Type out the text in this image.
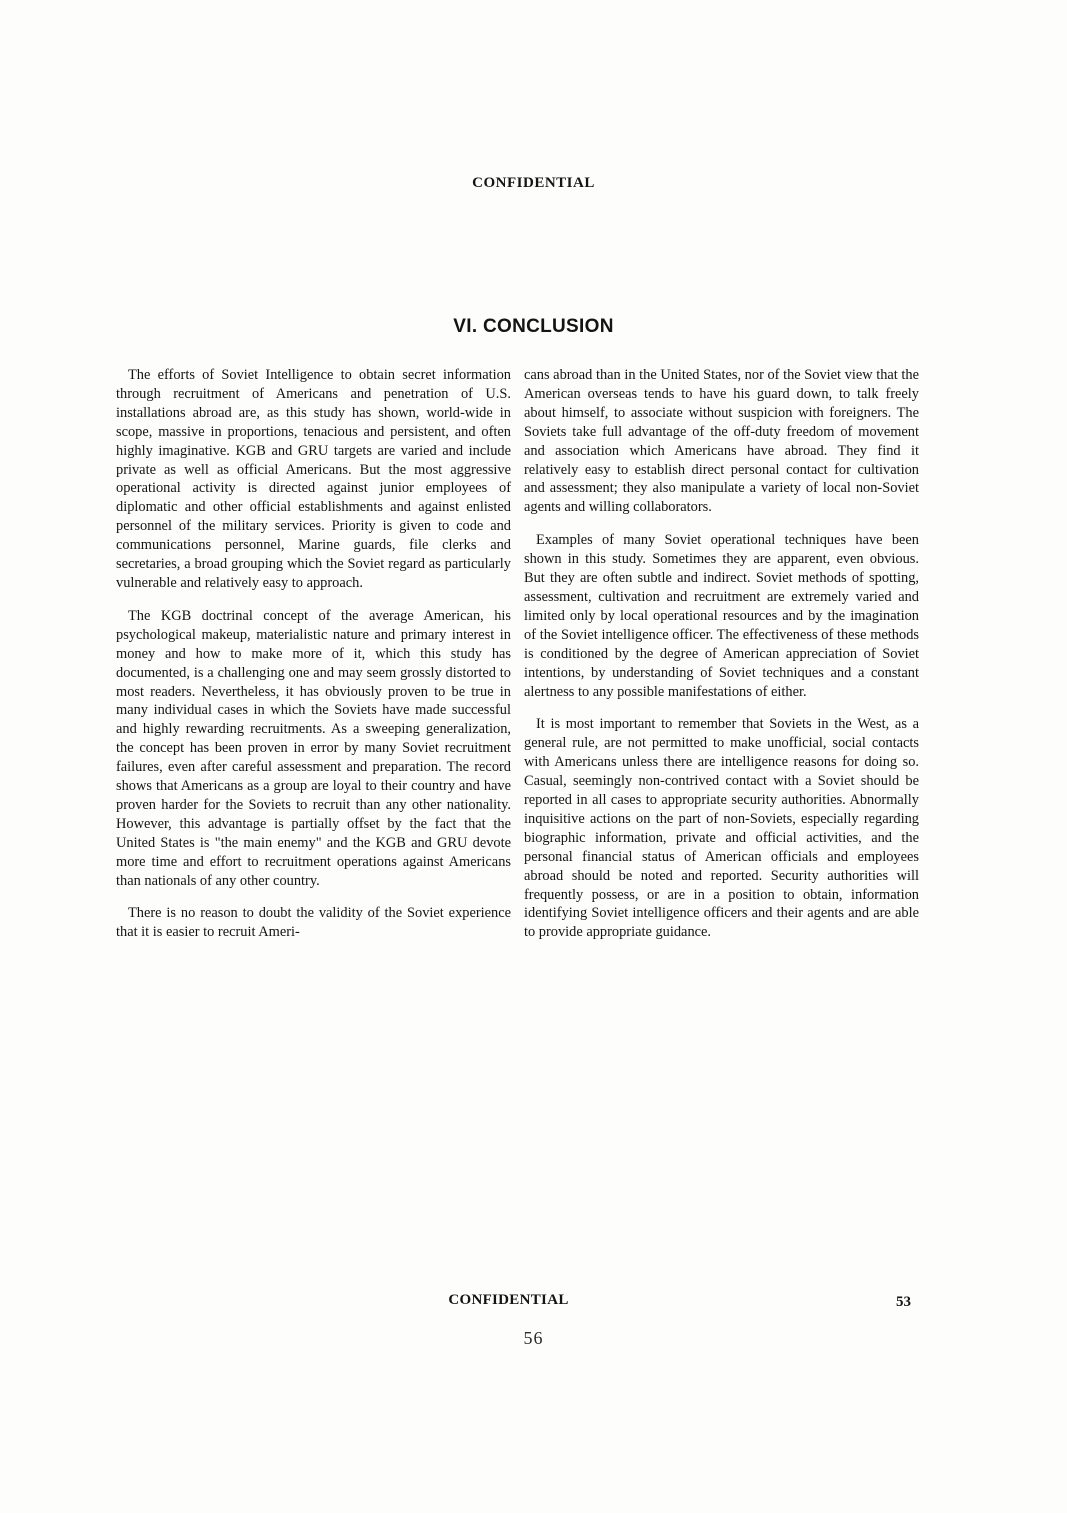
CONFIDENTIAL
VI. CONCLUSION

The efforts of Soviet Intelligence to obtain secret information through recruitment of Americans and penetration of U.S. installations abroad are, as this study has shown, world-wide in scope, massive in proportions, tenacious and persistent, and often highly imaginative. KGB and GRU targets are varied and include private as well as official Americans. But the most aggressive operational activity is directed against junior employees of diplomatic and other official establishments and against enlisted personnel of the military services. Priority is given to code and communications personnel, Marine guards, file clerks and secretaries, a broad grouping which the Soviet regard as particularly vulnerable and relatively easy to approach.

The KGB doctrinal concept of the average American, his psychological makeup, materialistic nature and primary interest in money and how to make more of it, which this study has documented, is a challenging one and may seem grossly distorted to most readers. Nevertheless, it has obviously proven to be true in many individual cases in which the Soviets have made successful and highly rewarding recruitments. As a sweeping generalization, the concept has been proven in error by many Soviet recruitment failures, even after careful assessment and preparation. The record shows that Americans as a group are loyal to their country and have proven harder for the Soviets to recruit than any other nationality. However, this advantage is partially offset by the fact that the United States is "the main enemy" and the KGB and GRU devote more time and effort to recruitment operations against Americans than nationals of any other country.

There is no reason to doubt the validity of the Soviet experience that it is easier to recruit Ameri-

cans abroad than in the United States, nor of the Soviet view that the American overseas tends to have his guard down, to talk freely about himself, to associate without suspicion with foreigners. The Soviets take full advantage of the off-duty freedom of movement and association which Americans have abroad. They find it relatively easy to establish direct personal contact for cultivation and assessment; they also manipulate a variety of local non-Soviet agents and willing collaborators.

Examples of many Soviet operational techniques have been shown in this study. Sometimes they are apparent, even obvious. But they are often subtle and indirect. Soviet methods of spotting, assessment, cultivation and recruitment are extremely varied and limited only by local operational resources and by the imagination of the Soviet intelligence officer. The effectiveness of these methods is conditioned by the degree of American appreciation of Soviet intentions, by understanding of Soviet techniques and a constant alertness to any possible manifestations of either.

It is most important to remember that Soviets in the West, as a general rule, are not permitted to make unofficial, social contacts with Americans unless there are intelligence reasons for doing so. Casual, seemingly non-contrived contact with a Soviet should be reported in all cases to appropriate security authorities. Abnormally inquisitive actions on the part of non-Soviets, especially regarding biographic information, private and official activities, and the personal financial status of American officials and employees abroad should be noted and reported. Security authorities will frequently possess, or are in a position to obtain, information identifying Soviet intelligence officers and their agents and are able to provide appropriate guidance.

CONFIDENTIAL	53
56
